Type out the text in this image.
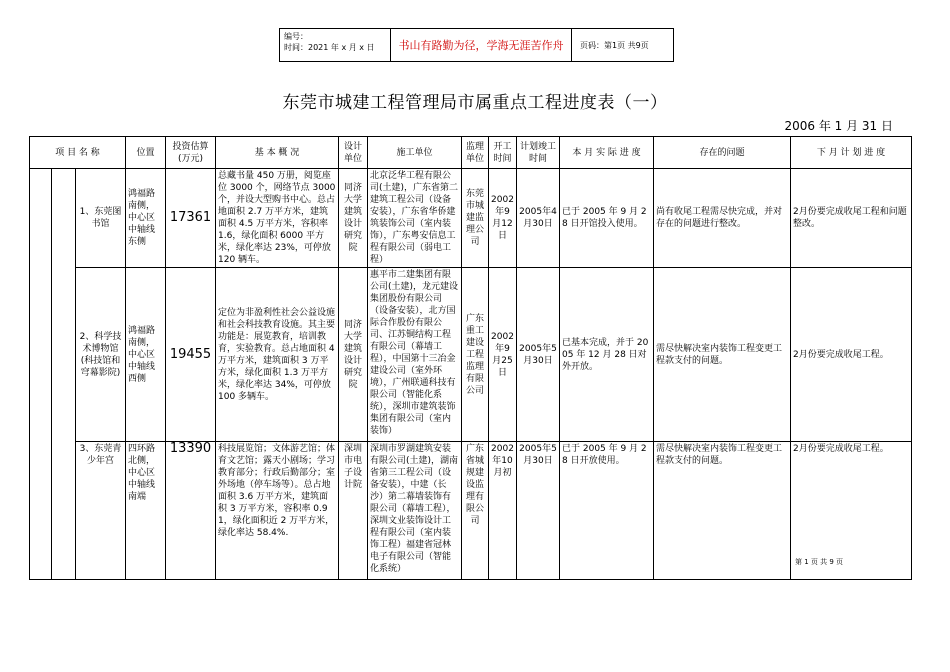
编号：
时间：2021 年 x 月 x 日	书山有路勤为径，学海无涯苦作舟	页码：第1页 共9页
东莞市城建工程管理局市属重点工程进度表（一）
2006 年 1 月 31 日
项 目 名 称			位置	投资估算(万元)	基 本 概 况	设计单位	施工单位	监理单位	开工时间	计划竣工时间	本 月 实 际 进 度	存在的问题	下 月 计 划 进 度
		1、东莞图书馆	鸿福路南侧，中心区中轴线东侧	17361	总藏书量 450 万册，阅览座位 3000 个，网络节点 3000 个，并设大型购书中心。总占地面积 2.7 万平方米，建筑面积 4.5 万平方米，容积率 1.6，绿化面积 6000 平方米，绿化率达 23%，可停放 120 辆车。	同济大学建筑设计研究院	北京泛华工程有限公司(土建)，广东省第二建筑工程公司（设备安装），广东省华侨建筑装饰公司（室内装饰），广东粤安信息工程有限公司（弱电工程）	东莞市城建监理公司	2002年9月12日	2005年4月30日	已于 2005 年 9 月 28 日开馆投入使用。	尚有收尾工程需尽快完成，并对存在的问题进行整改。	2月份要完成收尾工程和问题整改。
		2、科学技术博物馆(科技馆和穹幕影院)	鸿福路南侧，中心区中轴线西侧	19455	定位为非盈利性社会公益设施和社会科技教育设施。其主要功能是：展览教育，培训教育，实验教育。总占地面积 4 万平方米，建筑面积 3 万平方米，绿化面积 1.3 万平方米，绿化率达 34%，可停放 100 多辆车。	同济大学建筑设计研究院	惠平市二建集团有限公司(土建)，龙元建设集团股份有限公司（设备安装），北方国际合作股份有限公司、江苏铜结构工程有限公司（幕墙工程），中国第十三冶金建设公司（室外环境），广州联通科技有限公司（智能化系统），深圳市建筑装饰集团有限公司（室内装饰）	广东重工建设工程监理有限公司	2002年9月25日	2005年5月30日	已基本完成，并于 2005 年 12 月 28 日对外开放。	需尽快解决室内装饰工程变更工程款支付的问题。	2月份要完成收尾工程。
		3、东莞青少年宫	四环路北侧，中心区中轴线南端	13390	科技展览馆；文体游艺馆；体育文艺馆；露天小剧场；学习教育部分；行政后勤部分；室外场地（停车场等）。总占地面积 3.6 万平方米，建筑面积 3 万平方米，容积率 0.91，绿化面积近 2 万平方米，绿化率达 58.4%.	深圳市电子设计院	深圳市罗湖建筑安装有限公司(土建)，湖南省第三工程公司（设备安装），中建（长沙）第二幕墙装饰有限公司（幕墙工程），深圳文业装饰设计工程有限公司（室内装饰工程）福建省冠林电子有限公司（智能化系统）	广东省城规建设监理有限公司	2002年10月初	2005年5月30日	已于 2005 年 9 月 28 日开放使用。	需尽快解决室内装饰工程变更工程款支付的问题。	2月份要完成收尾工程。
第 1 页 共 9 页
